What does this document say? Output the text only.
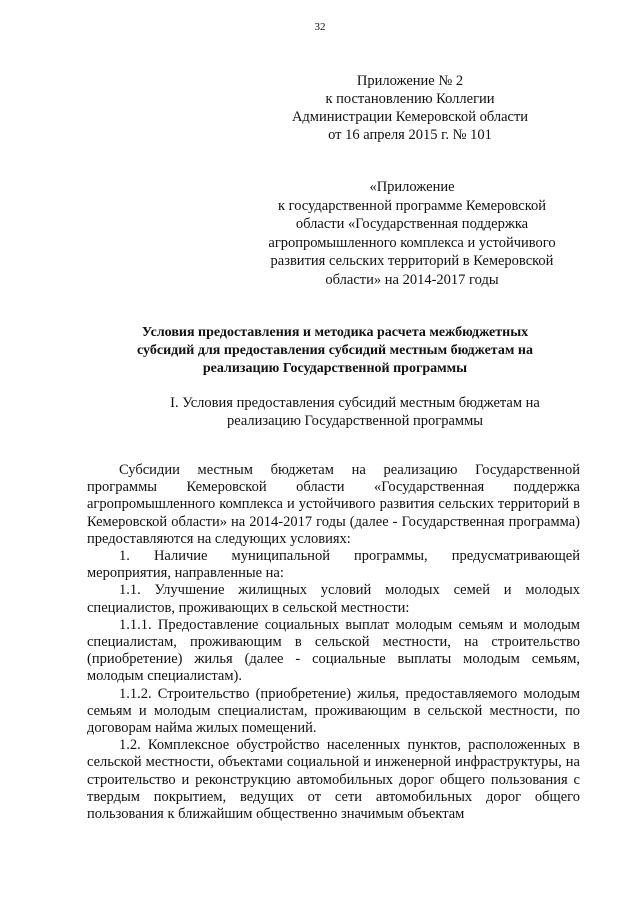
32
Приложение № 2
к постановлению Коллегии
Администрации Кемеровской области
от 16 апреля 2015 г. № 101
«Приложение
к государственной программе Кемеровской
области «Государственная поддержка
агропромышленного комплекса и устойчивого
развития сельских территорий в Кемеровской
области» на 2014-2017 годы
Условия предоставления и методика расчета межбюджетных
субсидий для предоставления субсидий местным бюджетам на
реализацию Государственной программы
I. Условия предоставления субсидий местным бюджетам на
реализацию Государственной программы

Субсидии местным бюджетам на реализацию Государственной программы Кемеровской области «Государственная поддержка агропромышленного комплекса и устойчивого развития сельских территорий в Кемеровской области» на 2014-2017 годы (далее - Государственная программа) предоставляются на следующих условиях:

1. Наличие муниципальной программы, предусматривающей мероприятия, направленные на:

1.1. Улучшение жилищных условий молодых семей и молодых специалистов, проживающих в сельской местности:

1.1.1. Предоставление социальных выплат молодым семьям и молодым специалистам, проживающим в сельской местности, на строительство (приобретение) жилья (далее - социальные выплаты молодым семьям, молодым специалистам).

1.1.2. Строительство (приобретение) жилья, предоставляемого молодым семьям и молодым специалистам, проживающим в сельской местности, по договорам найма жилых помещений.

1.2. Комплексное обустройство населенных пунктов, расположенных в сельской местности, объектами социальной и инженерной инфраструктуры, на строительство и реконструкцию автомобильных дорог общего пользования с твердым покрытием, ведущих от сети автомобильных дорог общего пользования к ближайшим общественно значимым объектам
